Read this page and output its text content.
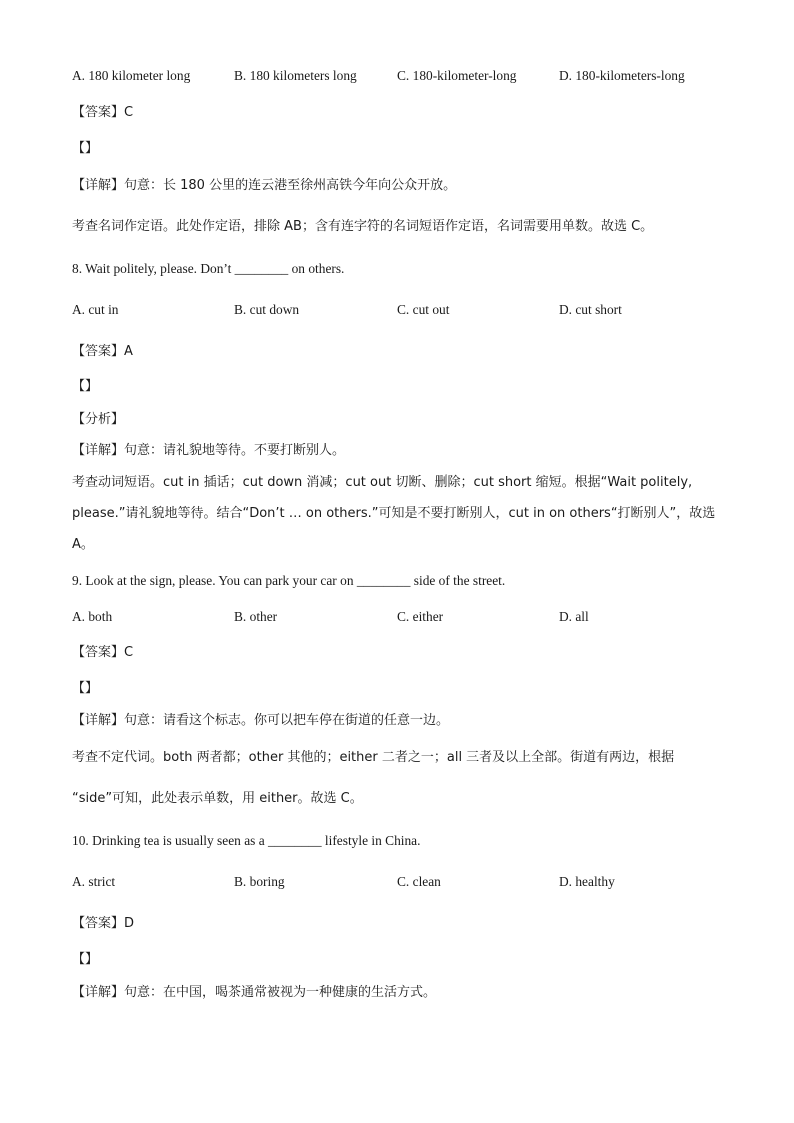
A. 180 kilometer long	B. 180 kilometers long	C. 180-kilometer-long	D. 180-kilometers-long
【答案】C
【】
【详解】句意：长 180 公里的连云港至徐州高铁今年向公众开放。
考查名词作定语。此处作定语，排除 AB；含有连字符的名词短语作定语，名词需要用单数。故选 C。
8. Wait politely, please. Don’t ________ on others.
A. cut in	B. cut down	C. cut out	D. cut short
【答案】A
【】
【分析】
【详解】句意：请礼貌地等待。不要打断别人。
考查动词短语。cut in 插话；cut down 消减；cut out 切断、删除；cut short 缩短。根据“Wait politely, please.”请礼貌地等待。结合“Don’t … on others.”可知是不要打断别人，cut in on others“打断别人”，故选 A。
9. Look at the sign, please. You can park your car on ________ side of the street.
A. both	B. other	C. either	D. all
【答案】C
【】
【详解】句意：请看这个标志。你可以把车停在街道的任意一边。
考查不定代词。both 两者都；other 其他的；either 二者之一；all 三者及以上全部。街道有两边，根据
“side”可知，此处表示单数，用 either。故选 C。
10. Drinking tea is usually seen as a ________ lifestyle in China.
A. strict	B. boring	C. clean	D. healthy
【答案】D
【】
【详解】句意：在中国，喝茶通常被视为一种健康的生活方式。
